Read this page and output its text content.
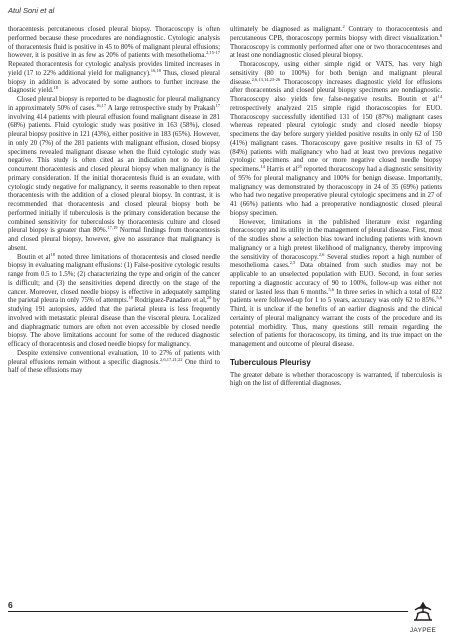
Atul Soni et al

thoracentesis percutaneous closed pleural biopsy. Thoracoscopy is often performed because these procedures are nondiagnostic. Cytologic analysis of thoracentesis fluid is positive in 45 to 80% of malignant pleural effusions; however, it is positive in as few as 20% of patients with mesothelioma.$^{2,15-17}$ Repeated thoracentesis for cytologic analysis provides limited increases in yield (17 to 22% additional yield for malignancy).$^{16,18}$ Thus, closed pleural biopsy in addition is advocated by some authors to further increase the diagnostic yield.$^{18}$

Closed pleural biopsy is reported to be diagnostic for pleural malignancy in approximately 50% of cases.$^{16,17}$ A large retrospective study by Prakash$^{17}$ involving 414 patients with pleural effusion found malignant disease in 281 (68%) patients. Fluid cytologic study was positive in 163 (58%), closed pleural biopsy positive in 121 (43%), either positive in 183 (65%). However, in only 20 (7%) of the 281 patients with malignant effusion, closed biopsy specimens revealed malignant disease when the fluid cytologic study was negative. This study is often cited as an indication not to do initial concurrent thoracentesis and closed pleural biopsy when malignancy is the primary consideration. If the initial thoracentesis fluid is an exudate, with cytologic study negative for malignancy, it seems reasonable to then repeat thoracentesis with the addition of a closed pleural biopsy. In contrast, it is recommended that thoracentesis and closed pleural biopsy both be performed initially if tuberculosis is the primary consideration because the combined sensitivity for tuberculosis by thoracentesis culture and closed pleural biopsy is greater than 80%.$^{17,19}$ Normal findings from thoracentesis and closed pleural biopsy, however, give no assurance that malignancy is absent.

Boutin et $al^{18}$ noted three limitations of thoracentesis and closed needle biopsy in evaluating malignant effusions: (1) False-positive cytologic results range from 0.5 to 1.5%; (2) characterizing the type and origin of the cancer is difficult; and (3) the sensitivities depend directly on the stage of the cancer. Moreover, closed needle biopsy is effective in adequately sampling the parietal pleura in only 75% of attempts.$^{18}$ Rodriguez-Panadaro et al,$^{20}$ by studying 191 autopsies, added that the parietal pleura is less frequently involved with metastatic pleural disease than the visceral pleura. Localized and diaphragmatic tumors are often not even accessible by closed needle biopsy. The above limitations account for some of the reduced diagnostic efficacy of thoracentesis and closed needle biopsy for malignancy.

Despite extensive conventional evaluation, 10 to 27% of patients with pleural effusions remain without a specific diagnosis.$^{2,6,17,21,22}$ One third to half of these effusions may

ultimately be diagnosed as malignant.$^2$ Contrary to thoracocentesis and percutaneous CPB, thoracoscopy permits biopsy with direct visualization.$^6$ Thoracoscopy is commonly performed after one or two thoracocenteses and at least one nondiagnostic closed pleural biopsy.

Thoracoscopy, using either simple rigid or VATS, has very high sensitivity (80 to 100%) for both benign and malignant pleural disease.$^{2,6,13,14,23-26}$ Thoracoscopy increases diagnostic yield for effusions after thoracentesis and closed pleural biopsy specimens are nondiagnostic. Thoracoscopy also yields few false-negative results. Boutin et $al^{14}$ retrospectively analyzed 215 simple rigid thoracoscopies for EUO. Thoracoscopy successfully identified 131 of 150 (87%) malignant cases whereas repeated pleural cytologic study and closed needle biopsy specimens the day before surgery yielded positive results in only 62 of 150 (41%) malignant cases. Thoracoscopy gave positive results in 63 of 75 (84%) patients with malignancy who had at least two previous negative cytologic specimens and one or more negative closed needle biopsy specimens.$^{14}$ Harris et $al^{25}$ reported thoracoscopy had a diagnostic sensitivity of 95% for pleural malignancy and 100% for benign disease. Importantly, malignancy was demonstrated by thoracoscopy in 24 of 35 (69%) patients who had two negative preoperative pleural cytologic specimens and in 27 of 41 (66%) patients who had a preoperative nondiagnostic closed pleural biopsy specimen.

However, limitations in the published literature exist regarding thoracoscopy and its utility in the management of pleural disease. First, most of the studies show a selection bias toward including patients with known malignancy or a high pretest likelihood of malignancy, thereby improving the sensitivity of thoracoscopy.$^{2,6}$ Several studies report a high number of mesothelioma cases.$^{2,5}$ Data obtained from such studies may not be applicable to an unselected population with EUO. Second, in four series reporting a diagnostic accuracy of 90 to 100%, follow-up was either not stated or lasted less than 6 months.$^{5,6}$ In three series in which a total of 822 patients were followed-up for 1 to 5 years, accuracy was only 62 to 85%.$^{5,6}$ Third, it is unclear if the benefits of an earlier diagnosis and the clinical certainty of pleural malignancy warrant the costs of the procedure and its potential morbidity. Thus, many questions still remain regarding the selection of patients for thoracoscopy, its timing, and its true impact on the management and outcome of pleural disease.

Tuberculous Pleurisy

The greater debate is whether thoracoscopy is warranted, if tuberculosis is high on the list of differential diagnoses.

6
JAYPEE
